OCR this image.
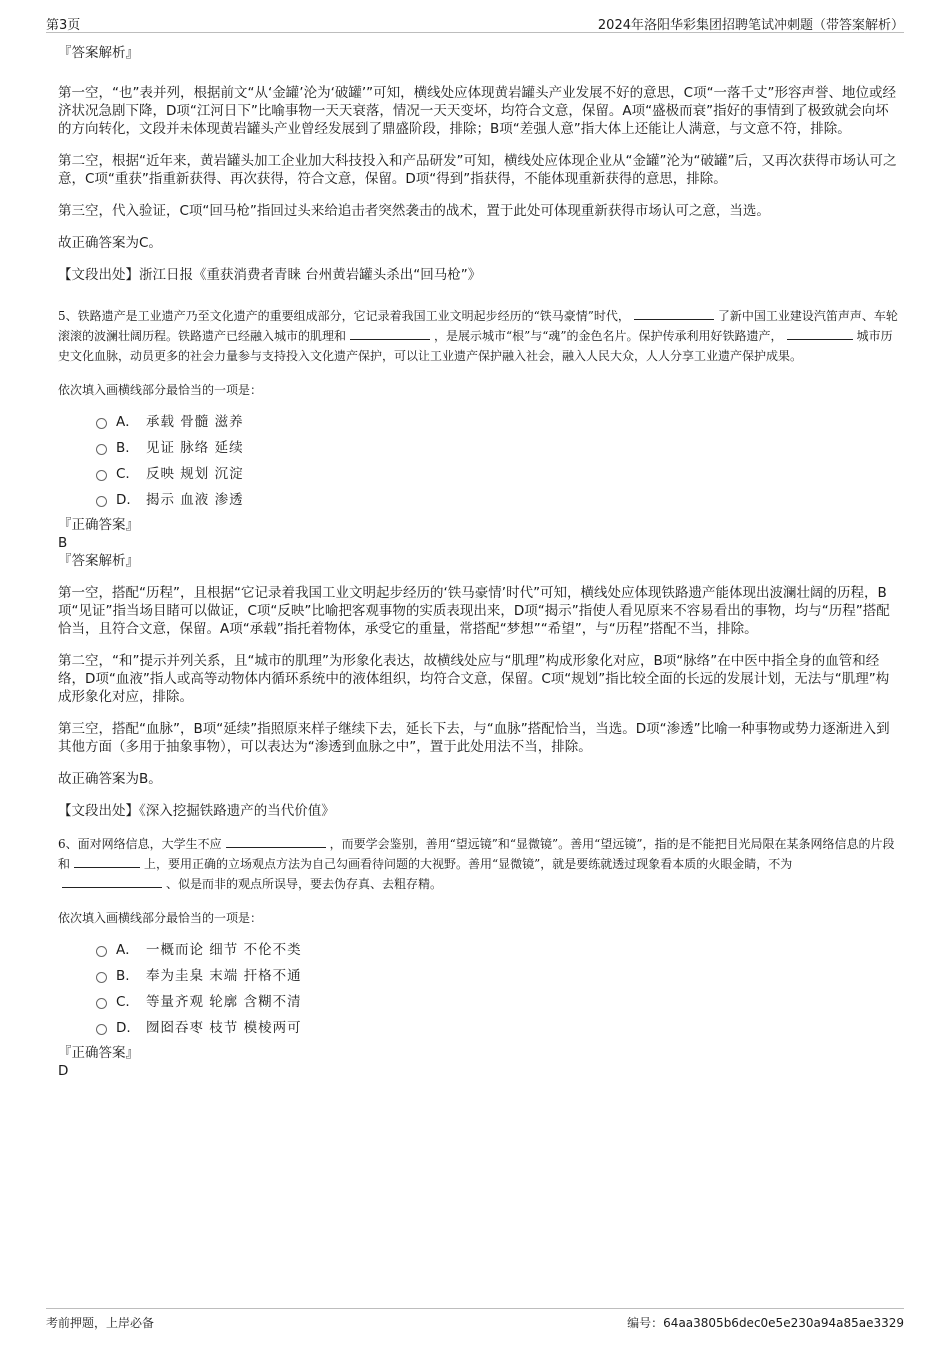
第3页	2024年洛阳华彩集团招聘笔试冲刺题（带答案解析）

『答案解析』

第一空，“也”表并列，根据前文“从‘金罐’沦为‘破罐’”可知，横线处应体现黄岩罐头产业发展不好的意思，C项“一落千丈”形容声誉、地位或经济状况急剧下降，D项“江河日下”比喻事物一天天衰落，情况一天天变坏，均符合文意，保留。A项“盛极而衰”指好的事情到了极致就会向坏的方向转化，文段并未体现黄岩罐头产业曾经发展到了鼎盛阶段，排除；B项“差强人意”指大体上还能让人满意，与文意不符，排除。

第二空，根据“近年来，黄岩罐头加工企业加大科技投入和产品研发”可知，横线处应体现企业从“金罐”沦为“破罐”后，又再次获得市场认可之意，C项“重获”指重新获得、再次获得，符合文意，保留。D项“得到”指获得，不能体现重新获得的意思，排除。

第三空，代入验证，C项“回马枪”指回过头来给追击者突然袭击的战术，置于此处可体现重新获得市场认可之意，当选。

故正确答案为C。

【文段出处】浙江日报《重获消费者青睐 台州黄岩罐头杀出“回马枪”》

5、铁路遗产是工业遗产乃至文化遗产的重要组成部分，它记录着我国工业文明起步经历的“铁马豪情”时代，	了新中国工业建设汽笛声声、车轮滚滚的波澜壮阔历程。铁路遗产已经融入城市的肌理和	，是展示城市“根”与“魂”的金色名片。保护传承利用好铁路遗产，	城市历史文化血脉，动员更多的社会力量参与支持投入文化遗产保护，可以让工业遗产保护融入社会，融入人民大众，人人分享工业遗产保护成果。

依次填入画横线部分最恰当的一项是：

A． 承载 骨髓 滋养
B. 见证 脉络 延续
C. 反映 规划 沉淀
D. 揭示 血液 渗透

『正确答案』

B

『答案解析』

第一空，搭配“历程”，且根据“它记录着我国工业文明起步经历的‘铁马豪情’时代”可知，横线处应体现铁路遗产能体现出波澜壮阔的历程，B项“见证”指当场目睹可以做证，C项“反映”比喻把客观事物的实质表现出来，D项“揭示”指使人看见原来不容易看出的事物，均与“历程”搭配恰当，且符合文意，保留。A项“承载”指托着物体，承受它的重量，常搭配“梦想”“希望”，与“历程”搭配不当，排除。

第二空，“和”提示并列关系，且“城市的肌理”为形象化表达，故横线处应与“肌理”构成形象化对应，B项“脉络”在中医中指全身的血管和经络，D项“血液”指人或高等动物体内循环系统中的液体组织，均符合文意，保留。C项“规划”指比较全面的长远的发展计划，无法与“肌理”构成形象化对应，排除。

第三空，搭配“血脉”，B项“延续”指照原来样子继续下去，延长下去，与“血脉”搭配恰当，当选。D项“渗透”比喻一种事物或势力逐渐进入到其他方面（多用于抽象事物），可以表达为“渗透到血脉之中”，置于此处用法不当，排除。

故正确答案为B。

【文段出处】《深入挖掘铁路遗产的当代价值》

6、面对网络信息，大学生不应	，而要学会鉴别，善用“望远镜”和“显微镜”。善用“望远镜”，指的是不能把目光局限在某条网络信息的片段和	上，要用正确的立场观点方法为自己勾画看待问题的大视野。善用“显微镜”，就是要练就透过现象看本质的火眼金睛，不为、似是而非的观点所误导，要去伪存真、去粗存精。

依次填入画横线部分最恰当的一项是：

A． 一概而论 细节 不伦不类
B. 奉为圭臬 末端 扞格不通
C. 等量齐观 轮廓 含糊不清
D. 囫囵吞枣 枝节 模棱两可

『正确答案』

D

考前押题，上岸必备	编号：64aa3805b6dec0e5e230a94a85ae3329
